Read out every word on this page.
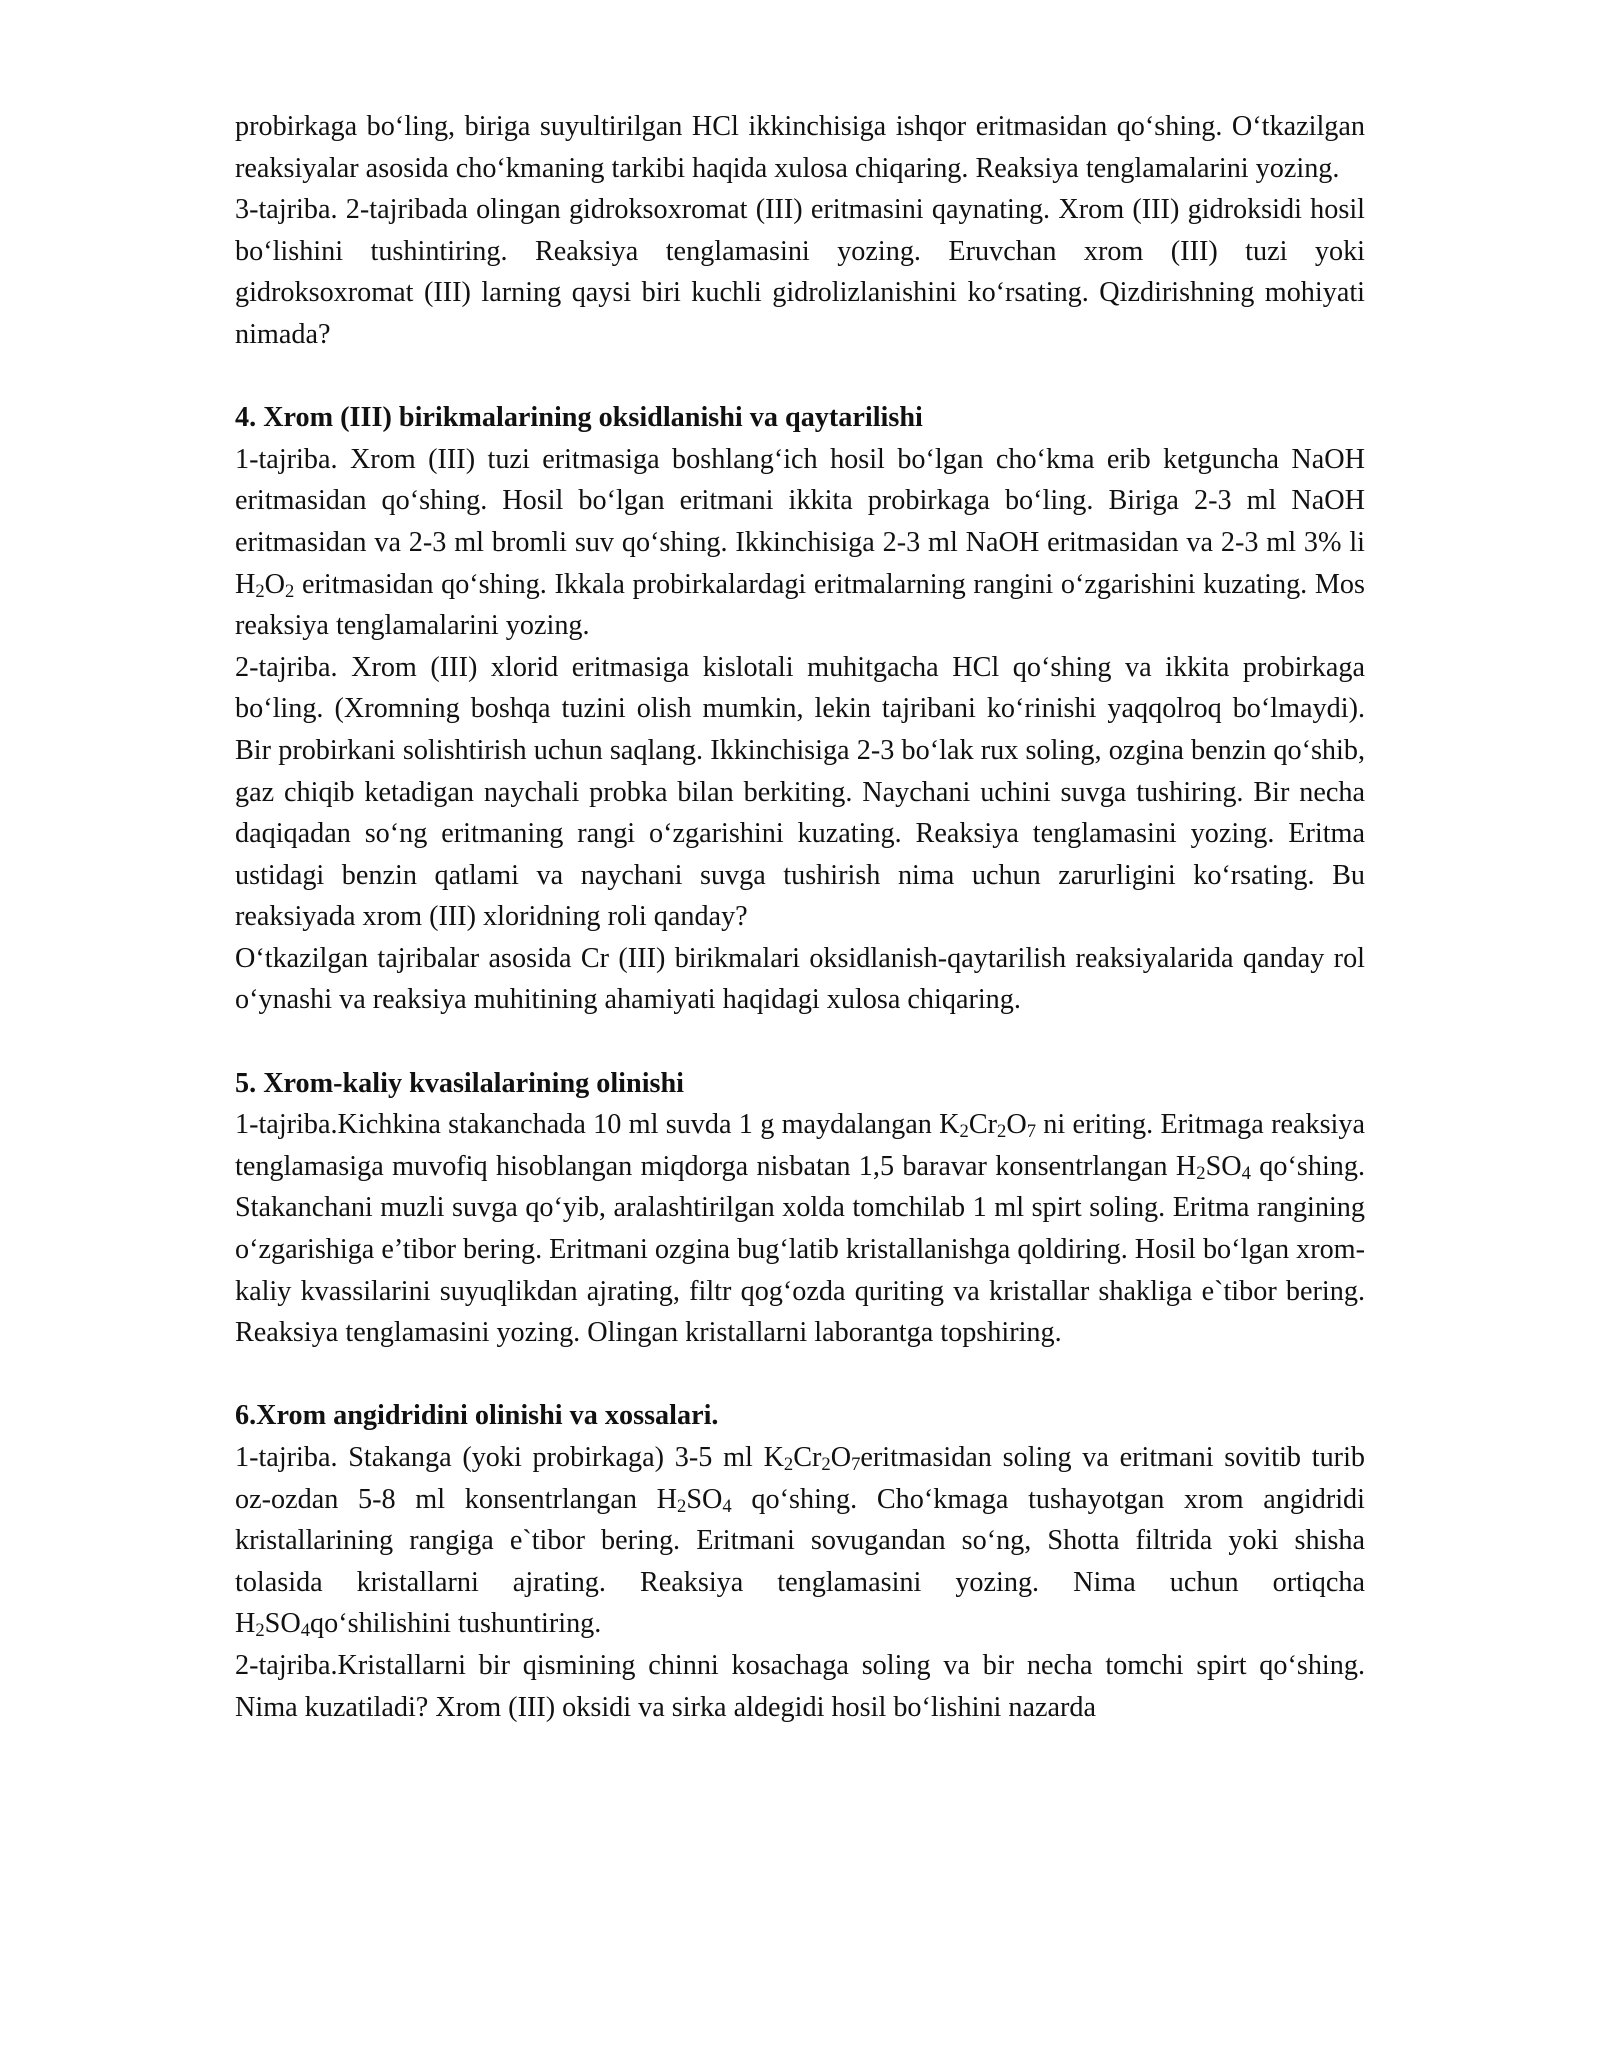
probirkaga bo‘ling, biriga suyultirilgan HCl ikkinchisiga ishqor eritmasidan qo‘shing. O‘tkazilgan reaksiyalar asosida cho‘kmaning tarkibi haqida xulosa chiqaring. Reaksiya tenglamalarini yozing.
3-tajriba. 2-tajribada olingan gidroksoxromat (III) eritmasini qaynating. Xrom (III) gidroksidi hosil bo‘lishini tushintiring. Reaksiya tenglamasini yozing. Eruvchan xrom (III) tuzi yoki gidroksoxromat (III) larning qaysi biri kuchli gidrolizlanishini ko‘rsating. Qizdirishning mohiyati nimada?
4. Xrom (III) birikmalarining oksidlanishi va qaytarilishi
1-tajriba. Xrom (III) tuzi eritmasiga boshlang‘ich hosil bo‘lgan cho‘kma erib ketguncha NaOH eritmasidan qo‘shing. Hosil bo‘lgan eritmani ikkita probirkaga bo‘ling. Biriga 2-3 ml NaOH eritmasidan va 2-3 ml bromli suv qo‘shing. Ikkinchisiga 2-3 ml NaOH eritmasidan va 2-3 ml 3% li $H_2O_2$ eritmasidan qo‘shing. Ikkala probirkalardagi eritmalarning rangini o‘zgarishini kuzating. Mos reaksiya tenglamalarini yozing.
2-tajriba. Xrom (III) xlorid eritmasiga kislotali muhitgacha HCl qo‘shing va ikkita probirkaga bo‘ling. (Xromning boshqa tuzini olish mumkin, lekin tajribani ko‘rinishi yaqqolroq bo‘lmaydi). Bir probirkani solishtirish uchun saqlang. Ikkinchisiga 2-3 bo‘lak rux soling, ozgina benzin qo‘shib, gaz chiqib ketadigan naychali probka bilan berkiting. Naychani uchini suvga tushiring. Bir necha daqiqadan so‘ng eritmaning rangi o‘zgarishini kuzating. Reaksiya tenglamasini yozing. Eritma ustidagi benzin qatlami va naychani suvga tushirish nima uchun zarurligini ko‘rsating. Bu reaksiyada xrom (III) xloridning roli qanday?
O‘tkazilgan tajribalar asosida Cr (III) birikmalari oksidlanish-qaytarilish reaksiyalarida qanday rol o‘ynashi va reaksiya muhitining ahamiyati haqidagi xulosa chiqaring.
5. Xrom-kaliy kvasilalarining olinishi
1-tajriba.Kichkina stakanchada 10 ml suvda 1 g maydalangan $K_2Cr_2O_7$ ni eriting. Eritmaga reaksiya tenglamasiga muvofiq hisoblangan miqdorga nisbatan 1,5 baravar konsentrlangan $H_2SO_4$ qo‘shing. Stakanchani muzli suvga qo‘yib, aralashtirilgan xolda tomchilab 1 ml spirt soling. Eritma rangining o‘zgarishiga e’tibor bering. Eritmani ozgina bug‘latib kristallanishga qoldiring. Hosil bo‘lgan xrom-kaliy kvassilarini suyuqlikdan ajrating, filtr qog‘ozda quriting va kristallar shakliga e`tibor bering. Reaksiya tenglamasini yozing. Olingan kristallarni laborantga topshiring.
6.Xrom angidridini olinishi va xossalari.
1-tajriba. Stakanga (yoki probirkaga) 3-5 ml $K_2Cr_2O_7eritmasidan$ soling va eritmani sovitib turib oz-ozdan 5-8 ml konsentrlangan $H_2SO_4$ qo‘shing. Cho‘kmaga tushayotgan xrom angidridi kristallarining rangiga e`tibor bering. Eritmani sovugandan so‘ng, Shotta filtrida yoki shisha tolasida kristallarni ajrating. Reaksiya tenglamasini yozing. Nima uchun ortiqcha $H_2SO_4qo‘shilishini$ tushuntiring.
2-tajriba.Kristallarni bir qismining chinni kosachaga soling va bir necha tomchi spirt qo‘shing. Nima kuzatiladi? Xrom (III) oksidi va sirka aldegidi hosil bo‘lishini nazarda
